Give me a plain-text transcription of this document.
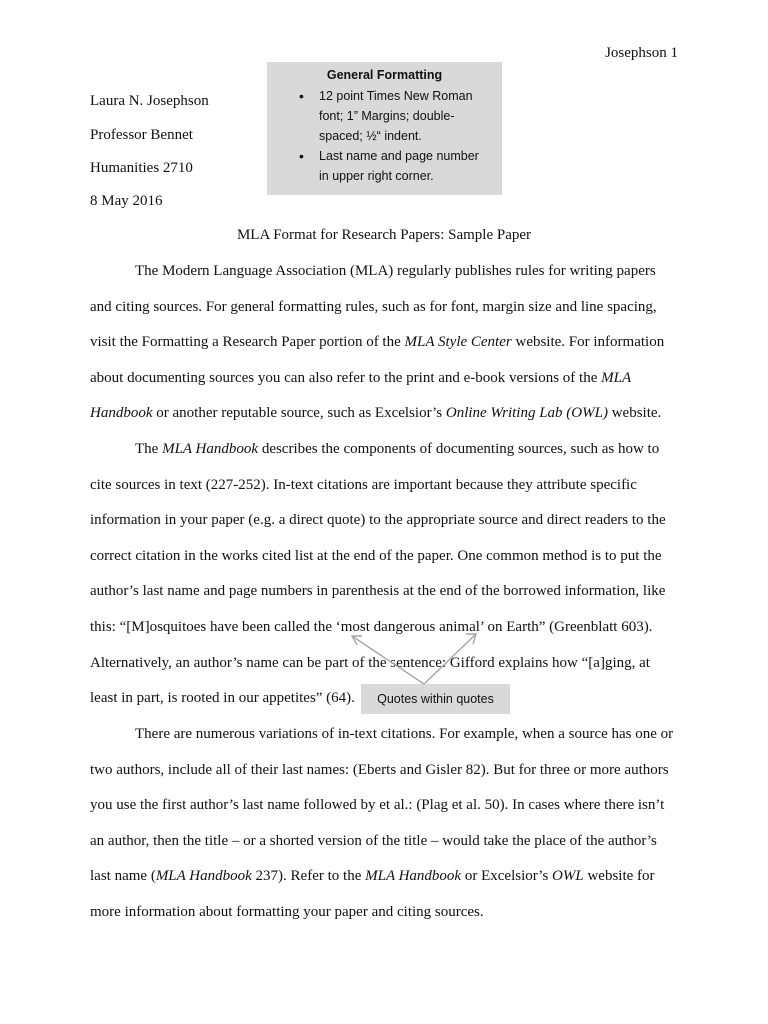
Josephson 1
Laura N. Josephson
Professor Bennet
Humanities 2710
8 May 2016
General Formatting
• 12 point Times New Roman
font; 1” Margins; double-
spaced; ½“ indent.
• Last name and page number
in upper right corner.
MLA Format for Research Papers: Sample Paper
The Modern Language Association (MLA) regularly publishes rules for writing papers
and citing sources. For general formatting rules, such as for font, margin size and line spacing,
visit the Formatting a Research Paper portion of the MLA Style Center website. For information
about documenting sources you can also refer to the print and e-book versions of the MLA
Handbook or another reputable source, such as Excelsior’s Online Writing Lab (OWL) website.
The MLA Handbook describes the components of documenting sources, such as how to
cite sources in text (227-252). In-text citations are important because they attribute specific
information in your paper (e.g. a direct quote) to the appropriate source and direct readers to the
correct citation in the works cited list at the end of the paper. One common method is to put the
author’s last name and page numbers in parenthesis at the end of the borrowed information, like
this: “[M]osquitoes have been called the ‘most dangerous animal’ on Earth” (Greenblatt 603).
Alternatively, an author’s name can be part of the sentence: Gifford explains how “[a]ging, at
least in part, is rooted in our appetites” (64).	Quotes within quotes
There are numerous variations of in-text citations. For example, when a source has one or
two authors, include all of their last names: (Eberts and Gisler 82). But for three or more authors
you use the first author’s last name followed by et al.: (Plag et al. 50). In cases where there isn’t
an author, then the title – or a shorted version of the title – would take the place of the author’s
last name (MLA Handbook 237). Refer to the MLA Handbook or Excelsior’s OWL website for
more information about formatting your paper and citing sources.
